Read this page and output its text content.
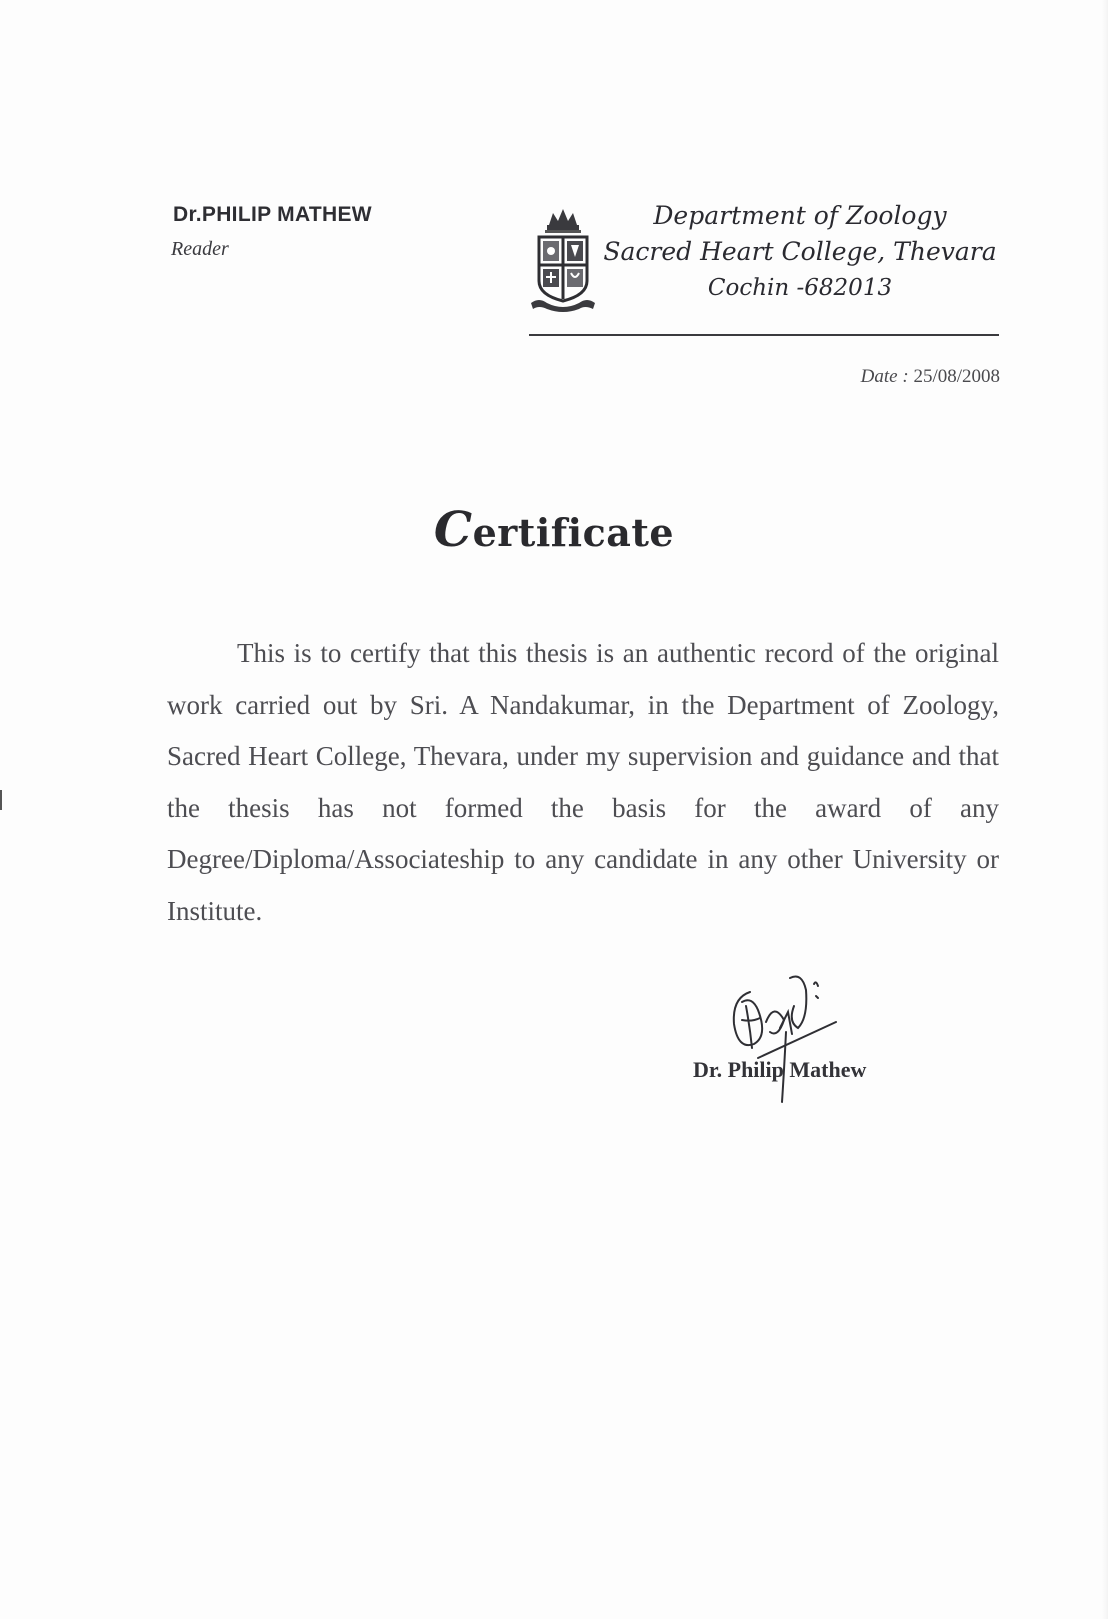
Dr.PHILIP MATHEW
Reader
Department of Zoology
Sacred Heart College, Thevara
Cochin -682013
Date : 25/08/2008
Certificate

This is to certify that this thesis is an authentic record of the original work carried out by Sri. A Nandakumar, in the Department of Zoology, Sacred Heart College, Thevara, under my supervision and guidance and that the thesis has not formed the basis for the award of any Degree/Diploma/Associateship to any candidate in any other University or Institute.

Dr. Philip Mathew
